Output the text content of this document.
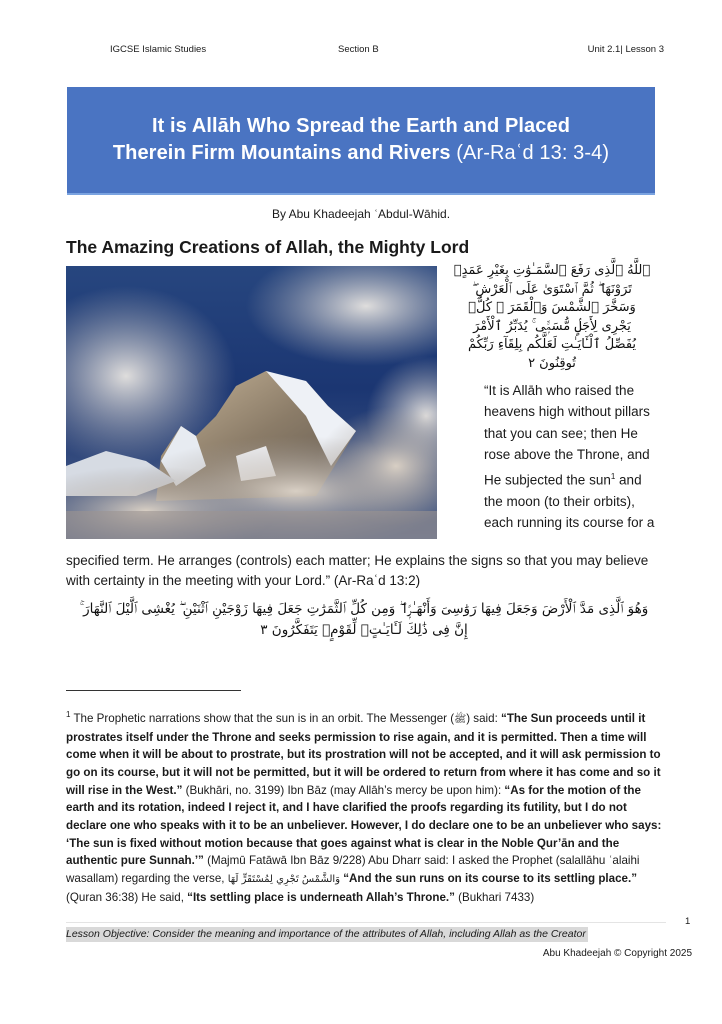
IGCSE Islamic Studies	Section B	Unit 2.1| Lesson 3
It is Allāh Who Spread the Earth and Placed
Therein Firm Mountains and Rivers (Ar-Raʿd 13: 3-4)
By Abu Khadeejah ʿAbdul-Wāhid.
The Amazing Creations of Allah, the Mighty Lord
ٱللَّهُ ٱلَّذِى رَفَعَ ٱلسَّمَـٰوَٰتِ بِغَيْرِ عَمَدٍۢ
تَرَوْنَهَا ۖ ثُمَّ ٱسْتَوَىٰ عَلَى ٱلْعَرْشِ ۖ
وَسَخَّرَ ٱلشَّمْسَ وَٱلْقَمَرَ ۖ كُلٌّۭ
يَجْرِى لِأَجَلٍۢ مُّسَمًّۭى ۚ يُدَبِّرُ ٱلْأَمْرَ
يُفَصِّلُ ٱلْـَٔايَـٰتِ لَعَلَّكُم بِلِقَآءِ رَبِّكُمْ
تُوقِنُونَ ٢
“It is Allāh who raised the
heavens high without pillars
that you can see; then He
rose above the Throne, and
He subjected the sun$^1$ and
the moon (to their orbits),
each running its course for a
specified term. He arranges (controls) each matter; He explains the signs so that you may believe
with certainty in the meeting with your Lord.” (Ar-Raʿd 13:2)
وَهُوَ ٱلَّذِى مَدَّ ٱلْأَرْضَ وَجَعَلَ فِيهَا رَوَٰسِىَ وَأَنْهَـٰرًۭا ۖ وَمِن كُلِّ ٱلثَّمَرَٰتِ جَعَلَ فِيهَا زَوْجَيْنِ ٱثْنَيْنِ ۖ يُغْشِى ٱلَّيْلَ ٱلنَّهَارَ ۚ
إِنَّ فِى ذَٰلِكَ لَـَٔايَـٰتٍۢ لِّقَوْمٍۢ يَتَفَكَّرُونَ ٣
$^1$ The Prophetic narrations show that the sun is in an orbit. The Messenger (ﷺ) said: “The Sun proceeds until it prostrates itself under the Throne and seeks permission to rise again, and it is permitted. Then a time will come when it will be about to prostrate, but its prostration will not be accepted, and it will ask permission to go on its course, but it will not be permitted, but it will be ordered to return from where it has come and so it will rise in the West.” (Bukhāri, no. 3199) Ibn Bāz (may Allāh’s mercy be upon him): “As for the motion of the earth and its rotation, indeed I reject it, and I have clarified the proofs regarding its futility, but I do not declare one who speaks with it to be an unbeliever. However, I do declare one to be an unbeliever who says: ‘The sun is fixed without motion because that goes against what is clear in the Noble Qur’ān and the authentic pure Sunnah.’” (Majmū Fatāwā Ibn Bāz 9/228) Abu Dharr said: I asked the Prophet (salallāhu ʿalaihi wasallam) regarding the verse, وَالشَّمْسُ تَجْرِي لِمُسْتَقَرٍّ لَهَا “And the sun runs on its course to its settling place.” (Quran 36:38) He said, “Its settling place is underneath Allah’s Throne.” (Bukhari 7433)
1
Lesson Objective: Consider the meaning and importance of the attributes of Allah, including Allah as the Creator
Abu Khadeejah © Copyright 2025
